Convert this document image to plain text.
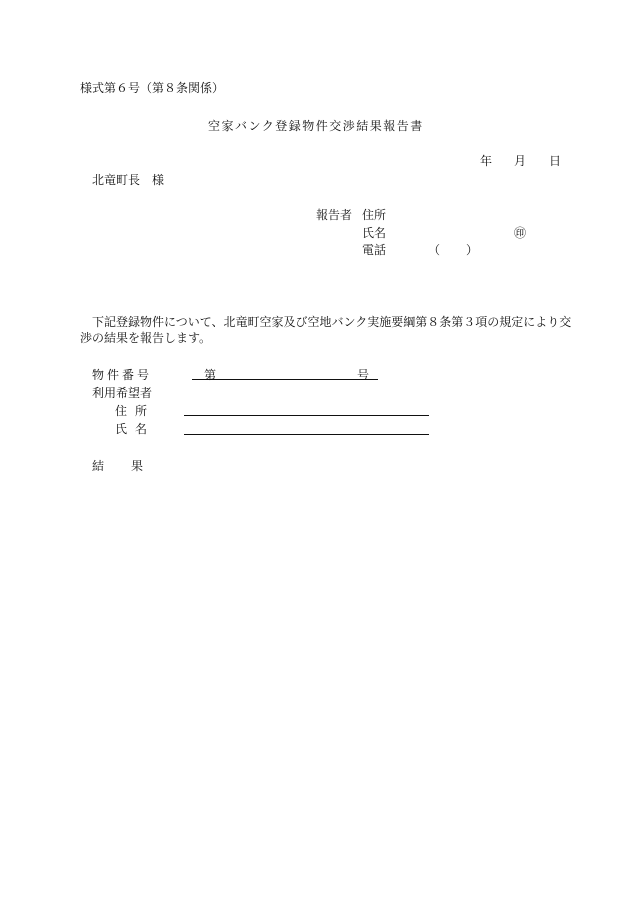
様式第６号（第８条関係）
空家バンク登録物件交渉結果報告書
年 月 日
北竜町長　様
報告者 住所
氏名	㊞
電話	（ ）
下記登録物件について、北竜町空家及び空地バンク実施要綱第８条第３項の規定により交
渉の結果を報告します。
物件番号	第	号
利用希望者
住所
氏名
結果
